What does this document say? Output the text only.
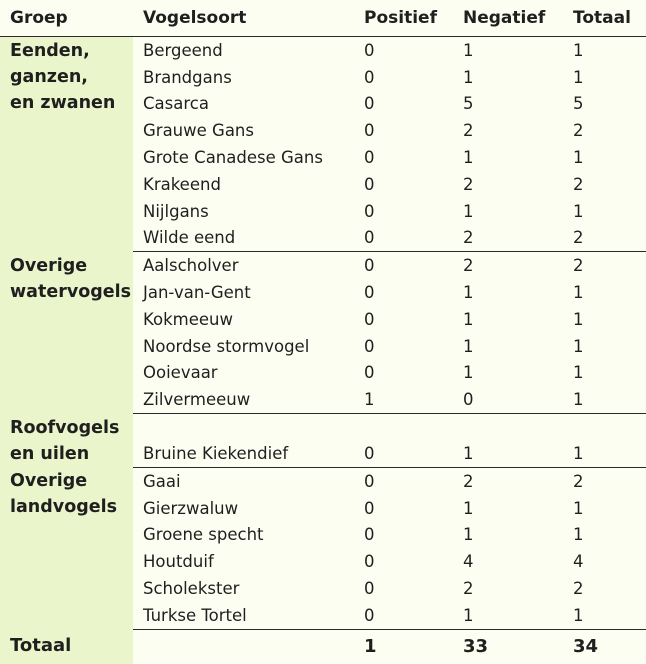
Groep	Vogelsoort	Positief	Negatief	Totaal

Eenden,
ganzen,
en zwanen	Bergeend	0	1	1
	Brandgans	0	1	1
	Casarca	0	5	5
	Grauwe Gans	0	2	2
	Grote Canadese Gans	0	1	1
	Krakeend	0	2	2
	Nijlgans	0	1	1
	Wilde eend	0	2	2

Overige
watervogels	Aalscholver	0	2	2
	Jan-van-Gent	0	1	1
	Kokmeeuw	0	1	1
	Noordse stormvogel	0	1	1
	Ooievaar	0	1	1
	Zilvermeeuw	1	0	1

Roofvogels
en uilen				

	Bruine Kiekendief	0	1	1

Overige
landvogels	Gaai	0	2	2
	Gierzwaluw	0	1	1
	Groene specht	0	1	1
	Houtduif	0	4	4
	Scholekster	0	2	2
	Turkse Tortel	0	1	1
Totaal		1	33	34
